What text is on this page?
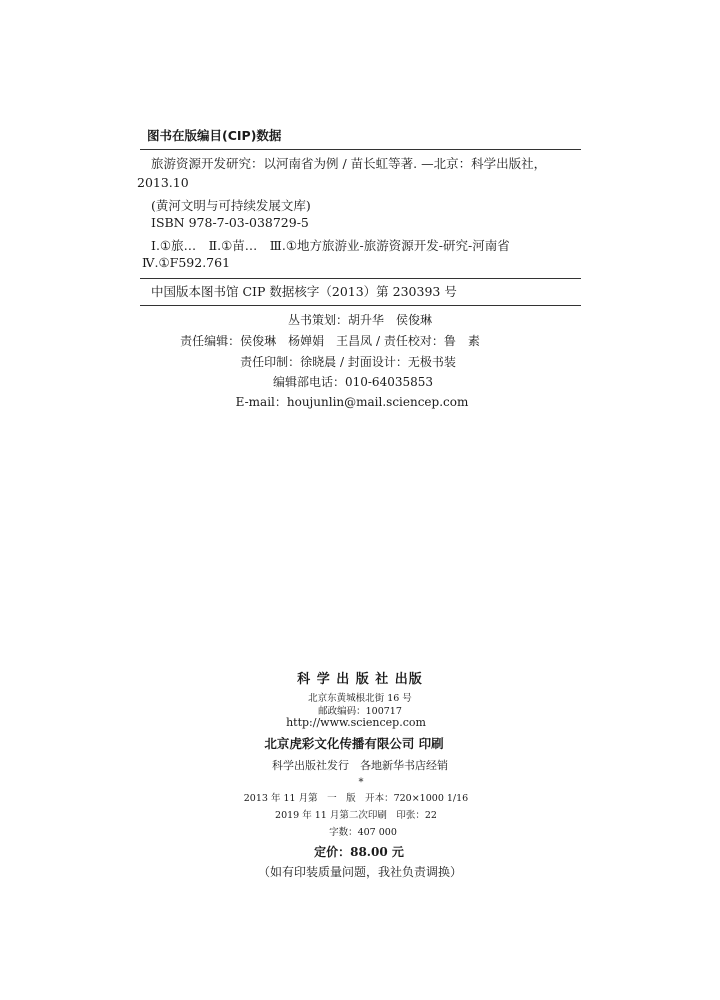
图书在版编目(CIP)数据
旅游资源开发研究：以河南省为例 / 苗长虹等著. —北京：科学出版社，
2013.10
(黄河文明与可持续发展文库)
ISBN 978-7-03-038729-5
Ⅰ.①旅…　Ⅱ.①苗…　Ⅲ.①地方旅游业-旅游资源开发-研究-河南省
Ⅳ.①F592.761
中国版本图书馆 CIP 数据核字（2013）第 230393 号
丛书策划：胡升华　侯俊琳
责任编辑：侯俊琳　杨婵娟　王昌凤 / 责任校对：鲁　素
责任印制：徐晓晨 / 封面设计：无极书装
编辑部电话：010-64035853
E-mail：houjunlin@mail.sciencep.com
科 学 出 版 社 出版
北京东黄城根北街 16 号
邮政编码：100717
http://www.sciencep.com
北京虎彩文化传播有限公司 印刷
科学出版社发行　各地新华书店经销
*
2013 年 11 月第　一　版　开本：720×1000 1/16
2019 年 11 月第二次印刷　印张：22
字数：407 000
定价：88.00 元
（如有印装质量问题，我社负责调换）
